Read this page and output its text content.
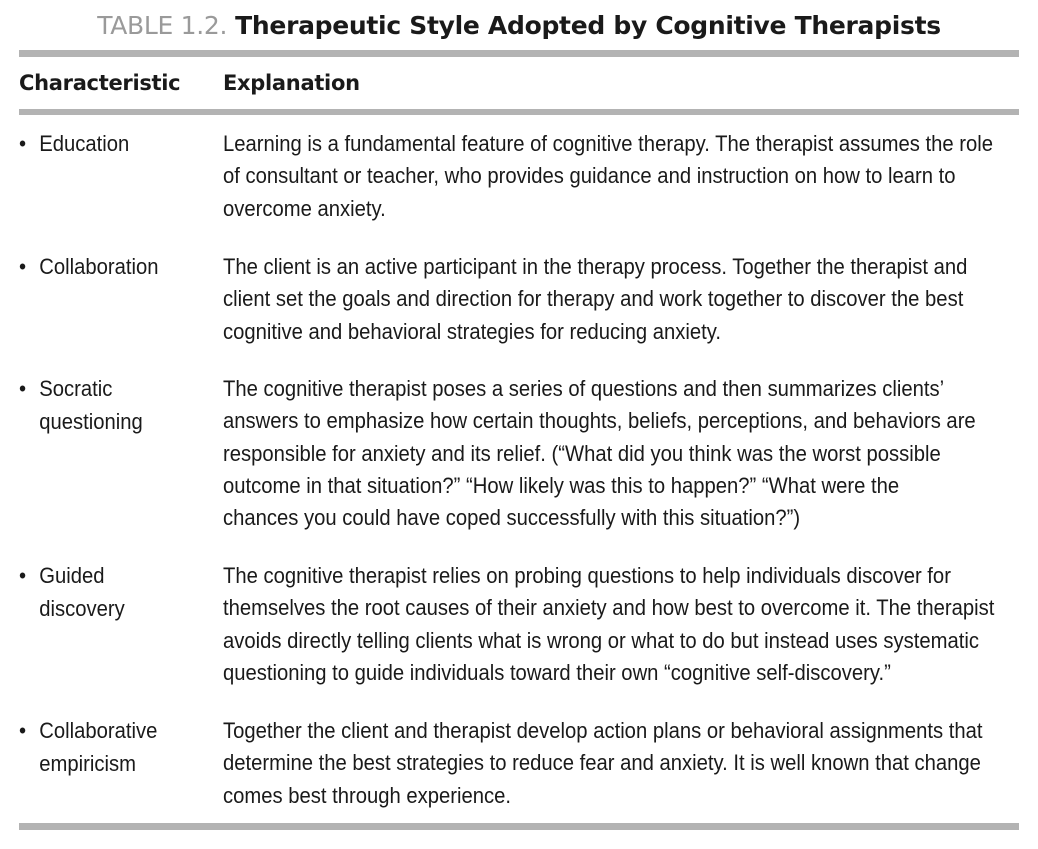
TABLE 1.2. Therapeutic Style Adopted by Cognitive Therapists
Characteristic Explanation
• Education	Learning is a fundamental feature of cognitive therapy. The therapist assumes the role
of consultant or teacher, who provides guidance and instruction on how to learn to
overcome anxiety.
• Collaboration	The client is an active participant in the therapy process. Together the therapist and
client set the goals and direction for therapy and work together to discover the best
cognitive and behavioral strategies for reducing anxiety.
• Socratic
questioning
The cognitive therapist poses a series of questions and then summarizes clients’
answers to emphasize how certain thoughts, beliefs, perceptions, and behaviors are
responsible for anxiety and its relief. (“What did you think was the worst possible
outcome in that situation?” “How likely was this to happen?” “What were the
chances you could have coped successfully with this situation?”)
• Guided
discovery
The cognitive therapist relies on probing questions to help individuals discover for
themselves the root causes of their anxiety and how best to overcome it. The therapist
avoids directly telling clients what is wrong or what to do but instead uses systematic
questioning to guide individuals toward their own “cognitive self-discovery.”
• Collaborative
empiricism
Together the client and therapist develop action plans or behavioral assignments that
determine the best strategies to reduce fear and anxiety. It is well known that change
comes best through experience.
